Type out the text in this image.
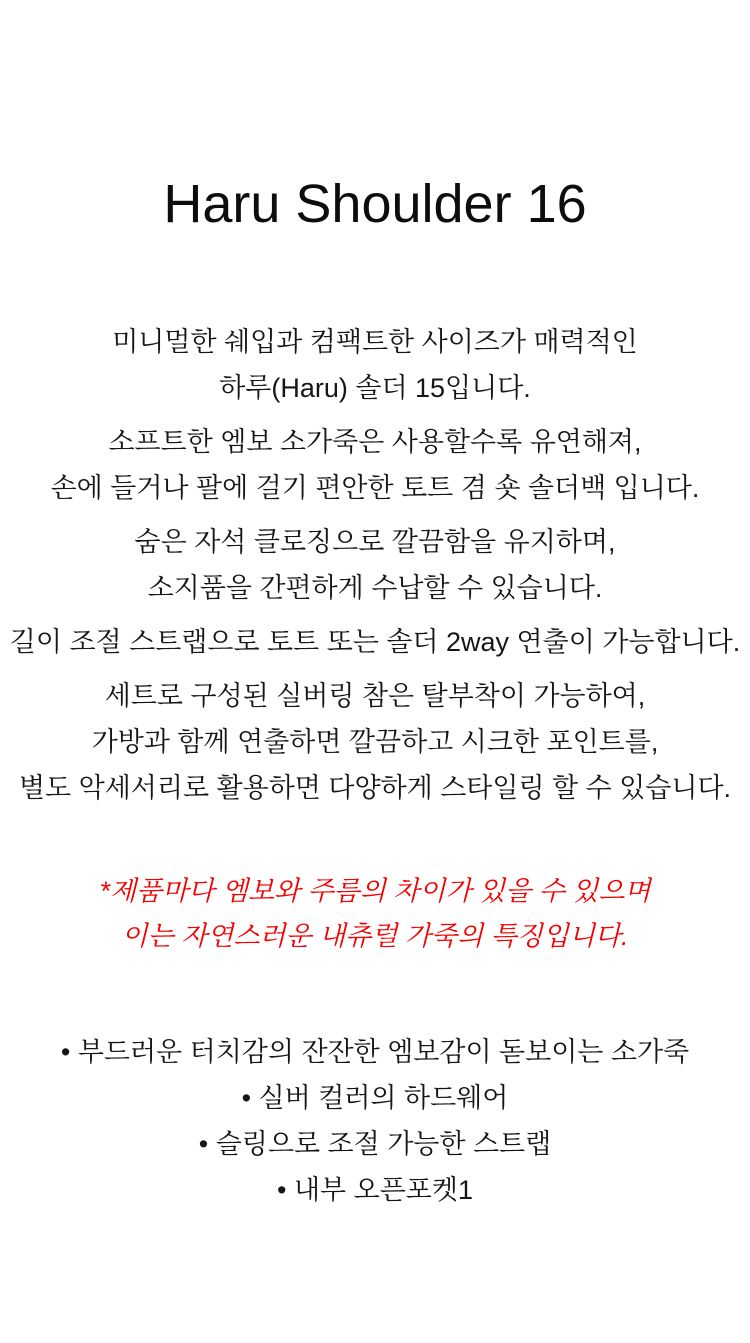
Haru Shoulder 16

미니멀한 쉐입과 컴팩트한 사이즈가 매력적인
하루(Haru) 솔더 15입니다.

소프트한 엠보 소가죽은 사용할수록 유연해져,
손에 들거나 팔에 걸기 편안한 토트 겸 숏 솔더백 입니다.

숨은 자석 클로징으로 깔끔함을 유지하며,
소지품을 간편하게 수납할 수 있습니다.

길이 조절 스트랩으로 토트 또는 솔더 2way 연출이 가능합니다.

세트로 구성된 실버링 참은 탈부착이 가능하여,
가방과 함께 연출하면 깔끔하고 시크한 포인트를,
별도 악세서리로 활용하면 다양하게 스타일링 할 수 있습니다.

*제품마다 엠보와 주름의 차이가 있을 수 있으며
이는 자연스러운 내츄럴 가죽의 특징입니다.

• 부드러운 터치감의 잔잔한 엠보감이 돋보이는 소가죽
• 실버 컬러의 하드웨어
• 슬링으로 조절 가능한 스트랩
• 내부 오픈포켓1
